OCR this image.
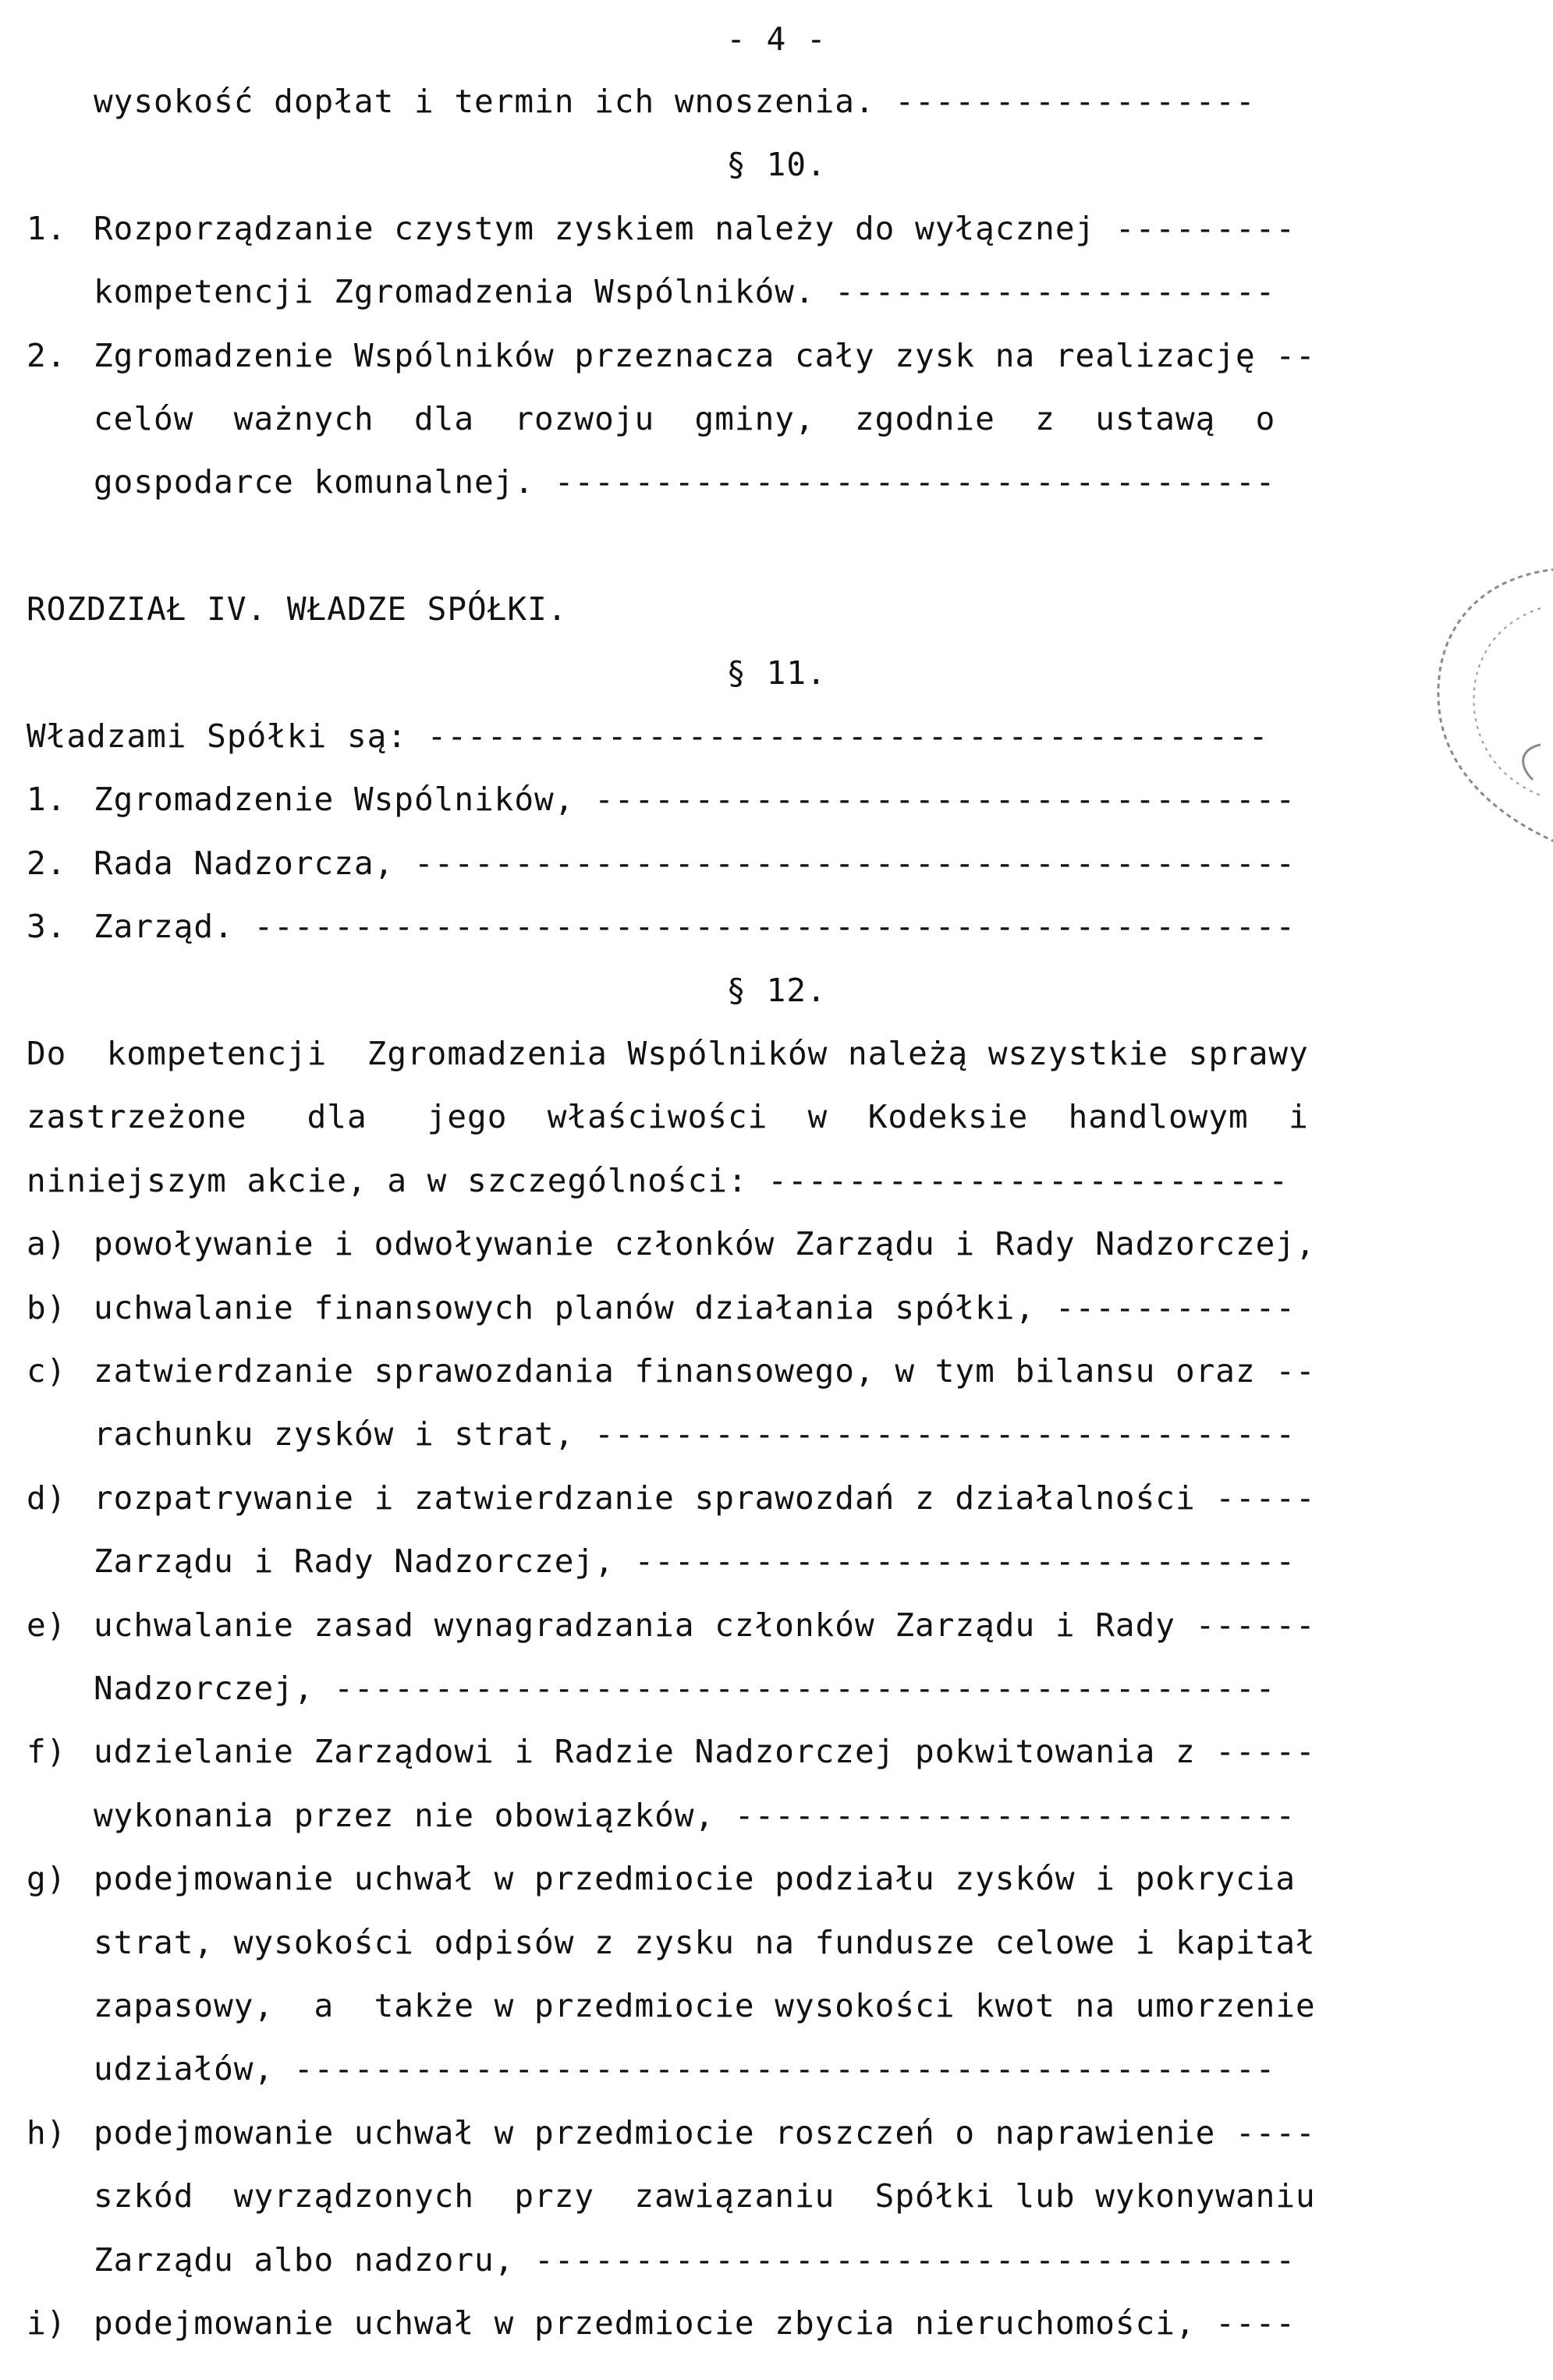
- 4 -
wysokość dopłat i termin ich wnoszenia. ------------------
§ 10.
1. Rozporządzanie czystym zyskiem należy do wyłącznej ---------
kompetencji Zgromadzenia Wspólników. ----------------------
2. Zgromadzenie Wspólników przeznacza cały zysk na realizację --
celów  ważnych  dla  rozwoju  gminy,  zgodnie  z  ustawą  o
gospodarce komunalnej. ------------------------------------
ROZDZIAŁ IV. WŁADZE SPÓŁKI.
§ 11.
Władzami Spółki są: ------------------------------------------
1. Zgromadzenie Wspólników, -----------------------------------
2. Rada Nadzorcza, --------------------------------------------
3. Zarząd. ----------------------------------------------------
§ 12.
Do  kompetencji  Zgromadzenia Wspólników należą wszystkie sprawy
zastrzeżone   dla   jego  właściwości  w  Kodeksie  handlowym  i
niniejszym akcie, a w szczególności: --------------------------
a) powoływanie i odwoływanie członków Zarządu i Rady Nadzorczej,
b) uchwalanie finansowych planów działania spółki, ------------
c) zatwierdzanie sprawozdania finansowego, w tym bilansu oraz --
rachunku zysków i strat, -----------------------------------
d) rozpatrywanie i zatwierdzanie sprawozdań z działalności -----
Zarządu i Rady Nadzorczej, ---------------------------------
e) uchwalanie zasad wynagradzania członków Zarządu i Rady ------
Nadzorczej, -----------------------------------------------
f) udzielanie Zarządowi i Radzie Nadzorczej pokwitowania z -----
wykonania przez nie obowiązków, ----------------------------
g) podejmowanie uchwał w przedmiocie podziału zysków i pokrycia
strat, wysokości odpisów z zysku na fundusze celowe i kapitał
zapasowy,  a  także w przedmiocie wysokości kwot na umorzenie
udziałów, -------------------------------------------------
h) podejmowanie uchwał w przedmiocie roszczeń o naprawienie ----
szkód  wyrządzonych  przy  zawiązaniu  Spółki lub wykonywaniu
Zarządu albo nadzoru, --------------------------------------
i) podejmowanie uchwał w przedmiocie zbycia nieruchomości, ----
